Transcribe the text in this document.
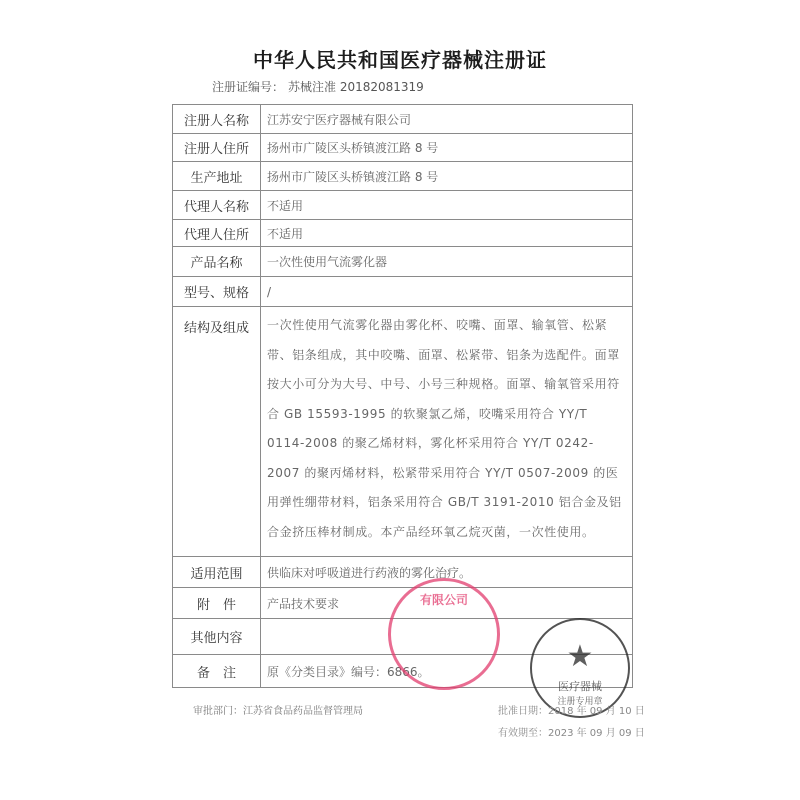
中华人民共和国医疗器械注册证
注册证编号： 苏械注准 20182081319
注册人名称	江苏安宁医疗器械有限公司
注册人住所	扬州市广陵区头桥镇渡江路 8 号
生产地址	扬州市广陵区头桥镇渡江路 8 号
代理人名称	不适用
代理人住所	不适用
产品名称	一次性使用气流雾化器
型号、规格	/
结构及组成	一次性使用气流雾化器由雾化杯、咬嘴、面罩、输氧管、松紧带、铝条组成，其中咬嘴、面罩、松紧带、铝条为选配件。面罩按大小可分为大号、中号、小号三种规格。面罩、输氧管采用符合 GB 15593-1995 的软聚氯乙烯，咬嘴采用符合 YY/T 0114-2008 的聚乙烯材料，雾化杯采用符合 YY/T 0242-2007 的聚丙烯材料，松紧带采用符合 YY/T 0507-2009 的医用弹性绷带材料，铝条采用符合 GB/T 3191-2010 铝合金及铝合金挤压棒材制成。本产品经环氧乙烷灭菌，一次性使用。
适用范围	供临床对呼吸道进行药液的雾化治疗。
附　件	产品技术要求
其他内容	
备　注	原《分类目录》编号：6866。
有限公司
★
医疗器械
注册专用章
审批部门：江苏省食品药品监督管理局	批准日期：2018 年 09 月 10 日
有效期至：2023 年 09 月 09 日
